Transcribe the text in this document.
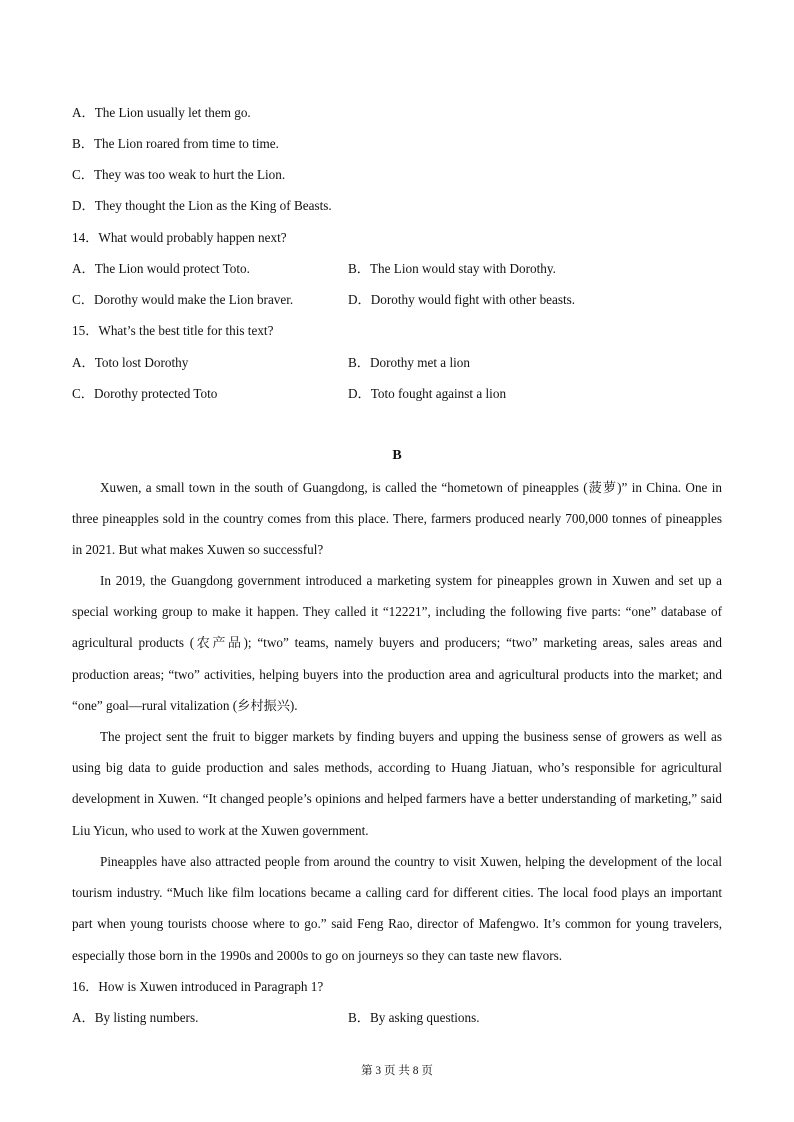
A．The Lion usually let them go.
B．The Lion roared from time to time.
C．They was too weak to hurt the Lion.
D．They thought the Lion as the King of Beasts.
14．What would probably happen next?
A．The Lion would protect Toto.	B．The Lion would stay with Dorothy.
C．Dorothy would make the Lion braver.	D．Dorothy would fight with other beasts.
15．What’s the best title for this text?
A．Toto lost Dorothy	B．Dorothy met a lion
C．Dorothy protected Toto	D．Toto fought against a lion
B
Xuwen, a small town in the south of Guangdong, is called the “hometown of pineapples (菠萝)” in China. One in three pineapples sold in the country comes from this place. There, farmers produced nearly 700,000 tonnes of pineapples in 2021. But what makes Xuwen so successful?
In 2019, the Guangdong government introduced a marketing system for pineapples grown in Xuwen and set up a special working group to make it happen. They called it “12221”, including the following five parts: “one” database of agricultural products (农产品); “two” teams, namely buyers and producers; “two” marketing areas, sales areas and production areas; “two” activities, helping buyers into the production area and agricultural products into the market; and “one” goal—rural vitalization (乡村振兴).
The project sent the fruit to bigger markets by finding buyers and upping the business sense of growers as well as using big data to guide production and sales methods, according to Huang Jiatuan, who’s responsible for agricultural development in Xuwen. “It changed people’s opinions and helped farmers have a better understanding of marketing,” said Liu Yicun, who used to work at the Xuwen government.
Pineapples have also attracted people from around the country to visit Xuwen, helping the development of the local tourism industry. “Much like film locations became a calling card for different cities. The local food plays an important part when young tourists choose where to go.” said Feng Rao, director of Mafengwo. It’s common for young travelers, especially those born in the 1990s and 2000s to go on journeys so they can taste new flavors.
16．How is Xuwen introduced in Paragraph 1?
A．By listing numbers.	B．By asking questions.
第 3 页 共 8 页
